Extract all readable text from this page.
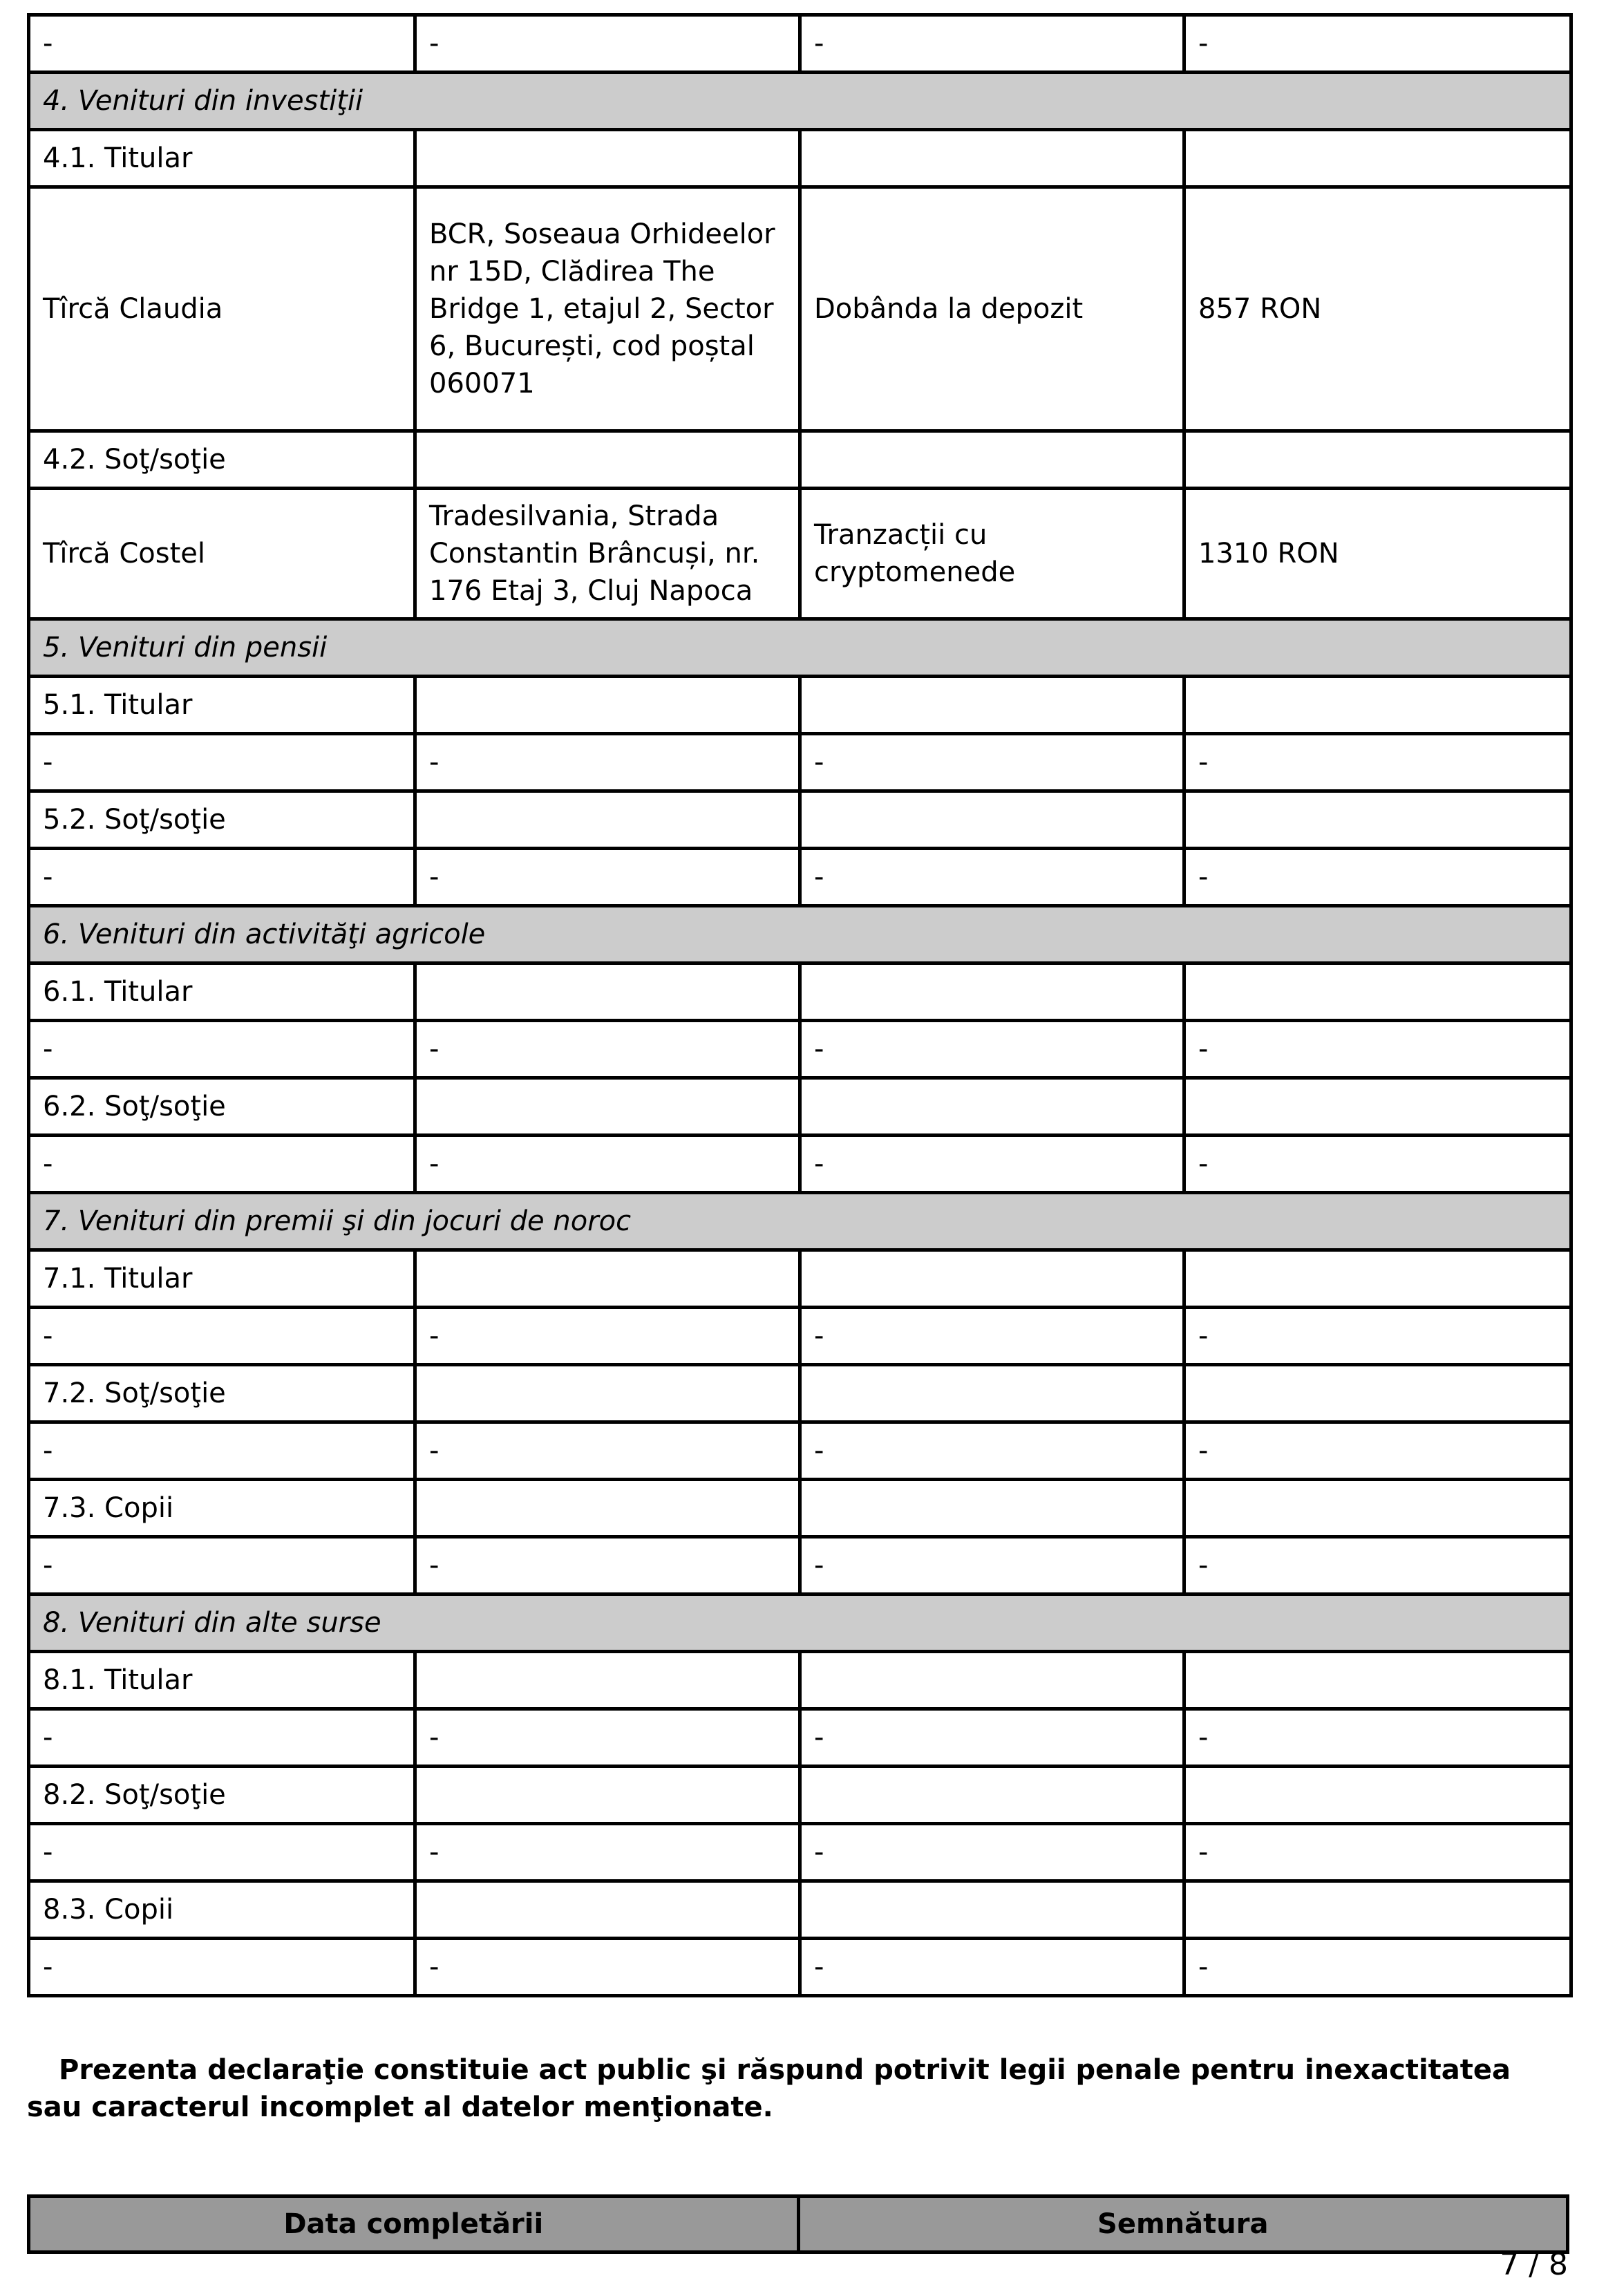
-	-	-	-
4. Venituri din investiţii			
4.1. Titular			
Tîrcă Claudia	BCR, Soseaua Orhideelor nr 15D, Clădirea The Bridge 1, etajul 2, Sector 6, București, cod poștal 060071	Dobânda la depozit	857 RON
4.2. Soţ/soţie			
Tîrcă Costel	Tradesilvania, Strada Constantin Brâncuși, nr. 176 Etaj 3, Cluj Napoca	Tranzacții cu cryptomenede	1310 RON
5. Venituri din pensii			
5.1. Titular			
-	-	-	-
5.2. Soţ/soţie			
-	-	-	-
6. Venituri din activităţi agricole			
6.1. Titular			
-	-	-	-
6.2. Soţ/soţie			
-	-	-	-
7. Venituri din premii şi din jocuri de noroc			
7.1. Titular			
-	-	-	-
7.2. Soţ/soţie			
-	-	-	-
7.3. Copii			
-	-	-	-
8. Venituri din alte surse			
8.1. Titular			
-	-	-	-
8.2. Soţ/soţie			
-	-	-	-
8.3. Copii			
-	-	-	-
Prezenta declaraţie constituie act public şi răspund potrivit legii penale pentru inexactitatea sau caracterul incomplet al datelor menţionate.
Data completării	Semnătura
7 / 8
